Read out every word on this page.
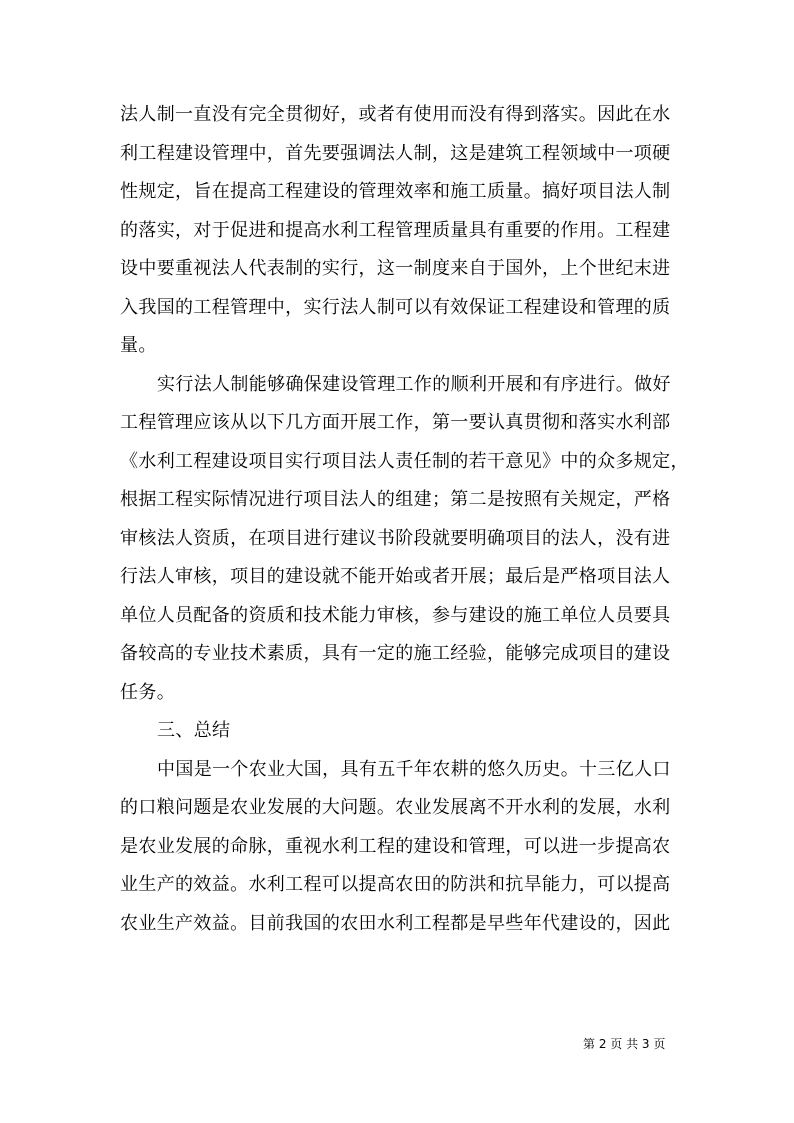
法人制一直没有完全贯彻好，或者有使用而没有得到落实。因此在水
利工程建设管理中，首先要强调法人制，这是建筑工程领域中一项硬
性规定，旨在提高工程建设的管理效率和施工质量。搞好项目法人制
的落实，对于促进和提高水利工程管理质量具有重要的作用。工程建
设中要重视法人代表制的实行，这一制度来自于国外，上个世纪末进
入我国的工程管理中，实行法人制可以有效保证工程建设和管理的质
量。
实行法人制能够确保建设管理工作的顺利开展和有序进行。做好
工程管理应该从以下几方面开展工作，第一要认真贯彻和落实水利部
《水利工程建设项目实行项目法人责任制的若干意见》中的众多规定，
根据工程实际情况进行项目法人的组建；第二是按照有关规定，严格
审核法人资质，在项目进行建议书阶段就要明确项目的法人，没有进
行法人审核，项目的建设就不能开始或者开展；最后是严格项目法人
单位人员配备的资质和技术能力审核，参与建设的施工单位人员要具
备较高的专业技术素质，具有一定的施工经验，能够完成项目的建设
任务。
三、总结
中国是一个农业大国，具有五千年农耕的悠久历史。十三亿人口
的口粮问题是农业发展的大问题。农业发展离不开水利的发展，水利
是农业发展的命脉，重视水利工程的建设和管理，可以进一步提高农
业生产的效益。水利工程可以提高农田的防洪和抗旱能力，可以提高
农业生产效益。目前我国的农田水利工程都是早些年代建设的，因此
第 2 页 共 3 页
